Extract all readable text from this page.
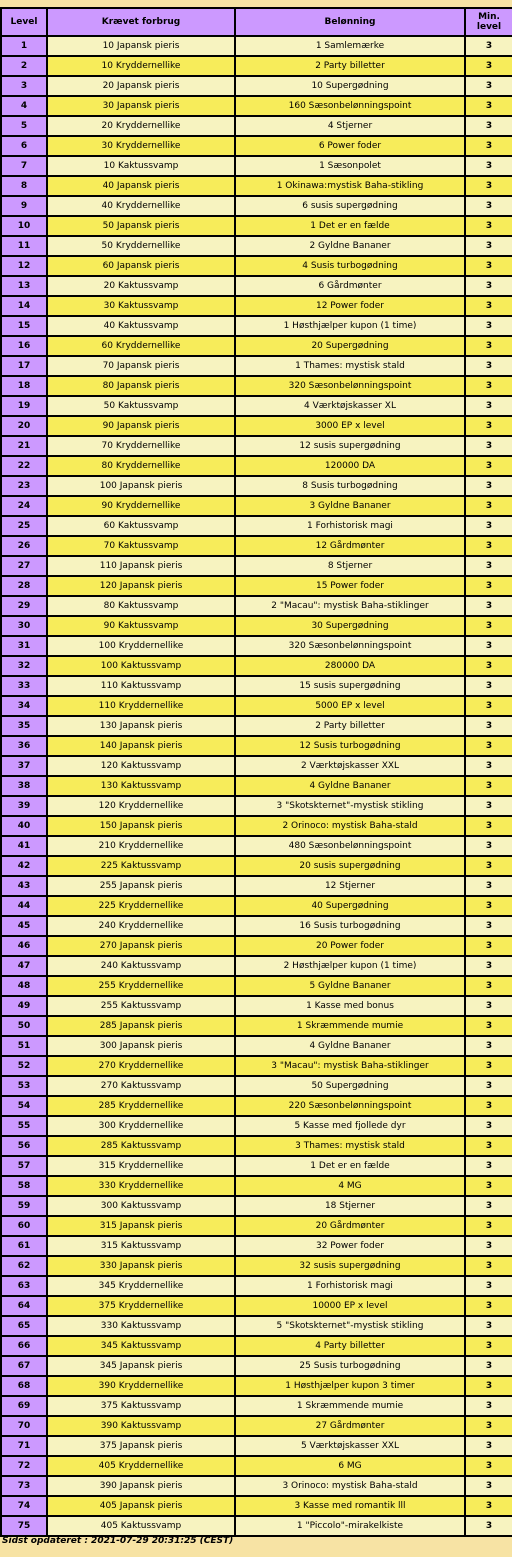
Level	Krævet forbrug	Belønning	Min. level
1	10 Japansk pieris	1 Samlemærke	3
2	10 Kryddernellike	2 Party billetter	3
3	20 Japansk pieris	10 Supergødning	3
4	30 Japansk pieris	160 Sæsonbelønningspoint	3
5	20 Kryddernellike	4 Stjerner	3
6	30 Kryddernellike	6 Power foder	3
7	10 Kaktussvamp	1 Sæsonpolet	3
8	40 Japansk pieris	1 Okinawa:mystisk Baha-stikling	3
9	40 Kryddernellike	6 susis supergødning	3
10	50 Japansk pieris	1 Det er en fælde	3
11	50 Kryddernellike	2 Gyldne Bananer	3
12	60 Japansk pieris	4 Susis turbogødning	3
13	20 Kaktussvamp	6 Gårdmønter	3
14	30 Kaktussvamp	12 Power foder	3
15	40 Kaktussvamp	1 Høsthjælper kupon (1 time)	3
16	60 Kryddernellike	20 Supergødning	3
17	70 Japansk pieris	1 Thames: mystisk stald	3
18	80 Japansk pieris	320 Sæsonbelønningspoint	3
19	50 Kaktussvamp	4 Værktøjskasser XL	3
20	90 Japansk pieris	3000 EP x level	3
21	70 Kryddernellike	12 susis supergødning	3
22	80 Kryddernellike	120000 DA	3
23	100 Japansk pieris	8 Susis turbogødning	3
24	90 Kryddernellike	3 Gyldne Bananer	3
25	60 Kaktussvamp	1 Forhistorisk magi	3
26	70 Kaktussvamp	12 Gårdmønter	3
27	110 Japansk pieris	8 Stjerner	3
28	120 Japansk pieris	15 Power foder	3
29	80 Kaktussvamp	2 "Macau": mystisk Baha-stiklinger	3
30	90 Kaktussvamp	30 Supergødning	3
31	100 Kryddernellike	320 Sæsonbelønningspoint	3
32	100 Kaktussvamp	280000 DA	3
33	110 Kaktussvamp	15 susis supergødning	3
34	110 Kryddernellike	5000 EP x level	3
35	130 Japansk pieris	2 Party billetter	3
36	140 Japansk pieris	12 Susis turbogødning	3
37	120 Kaktussvamp	2 Værktøjskasser XXL	3
38	130 Kaktussvamp	4 Gyldne Bananer	3
39	120 Kryddernellike	3 "Skotskternet"-mystisk stikling	3
40	150 Japansk pieris	2 Orinoco: mystisk Baha-stald	3
41	210 Kryddernellike	480 Sæsonbelønningspoint	3
42	225 Kaktussvamp	20 susis supergødning	3
43	255 Japansk pieris	12 Stjerner	3
44	225 Kryddernellike	40 Supergødning	3
45	240 Kryddernellike	16 Susis turbogødning	3
46	270 Japansk pieris	20 Power foder	3
47	240 Kaktussvamp	2 Høsthjælper kupon (1 time)	3
48	255 Kryddernellike	5 Gyldne Bananer	3
49	255 Kaktussvamp	1 Kasse med bonus	3
50	285 Japansk pieris	1 Skræmmende mumie	3
51	300 Japansk pieris	4 Gyldne Bananer	3
52	270 Kryddernellike	3 "Macau": mystisk Baha-stiklinger	3
53	270 Kaktussvamp	50 Supergødning	3
54	285 Kryddernellike	220 Sæsonbelønningspoint	3
55	300 Kryddernellike	5 Kasse med fjollede dyr	3
56	285 Kaktussvamp	3 Thames: mystisk stald	3
57	315 Kryddernellike	1 Det er en fælde	3
58	330 Kryddernellike	4 MG	3
59	300 Kaktussvamp	18 Stjerner	3
60	315 Japansk pieris	20 Gårdmønter	3
61	315 Kaktussvamp	32 Power foder	3
62	330 Japansk pieris	32 susis supergødning	3
63	345 Kryddernellike	1 Forhistorisk magi	3
64	375 Kryddernellike	10000 EP x level	3
65	330 Kaktussvamp	5 "Skotskternet"-mystisk stikling	3
66	345 Kaktussvamp	4 Party billetter	3
67	345 Japansk pieris	25 Susis turbogødning	3
68	390 Kryddernellike	1 Høsthjælper kupon 3 timer	3
69	375 Kaktussvamp	1 Skræmmende mumie	3
70	390 Kaktussvamp	27 Gårdmønter	3
71	375 Japansk pieris	5 Værktøjskasser XXL	3
72	405 Kryddernellike	6 MG	3
73	390 Japansk pieris	3 Orinoco: mystisk Baha-stald	3
74	405 Japansk pieris	3 Kasse med romantik lll	3
75	405 Kaktussvamp	1 "Piccolo"-mirakelkiste	3
Sidst opdateret : 2021-07-29 20:31:25 (CEST)
